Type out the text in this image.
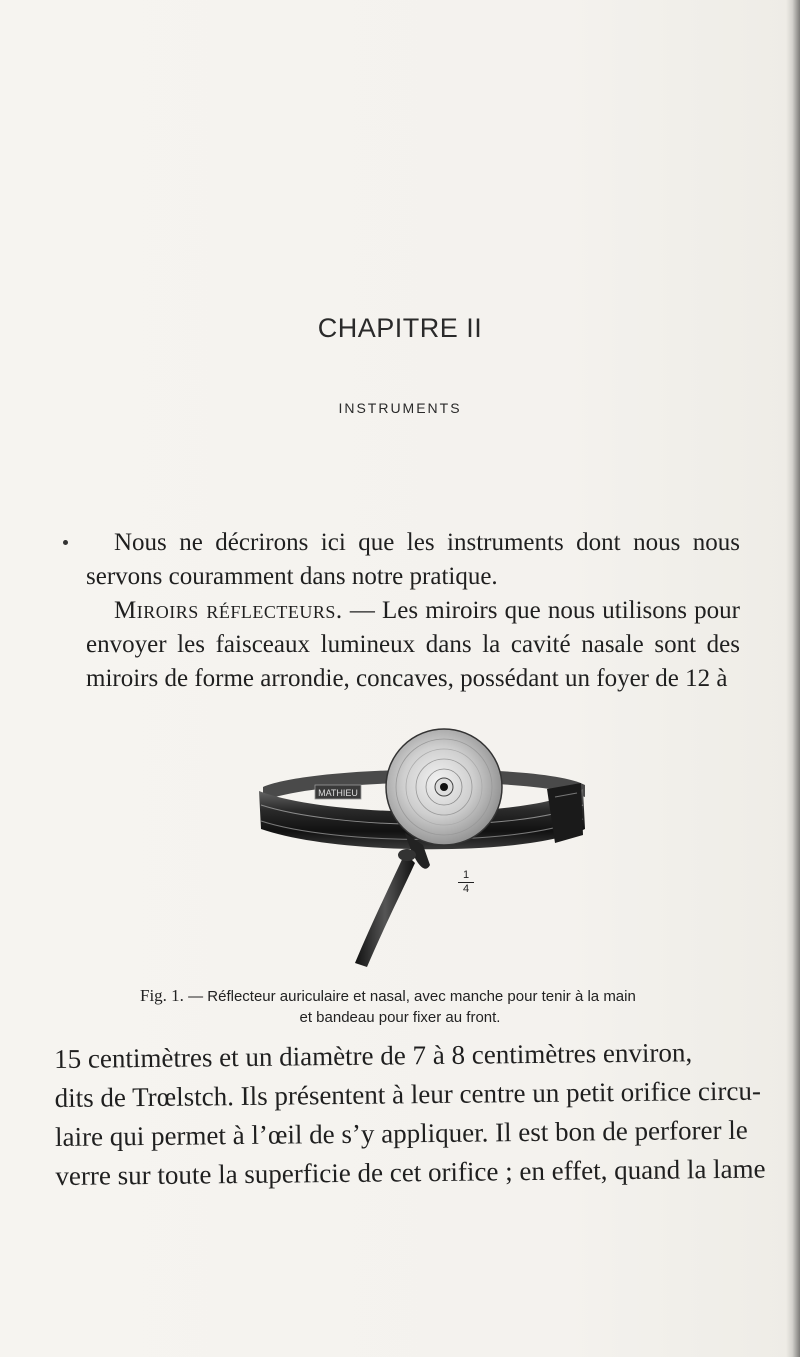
CHAPITRE II
INSTRUMENTS
Nous ne décrirons ici que les instruments dont nous nous servons couramment dans notre pratique.
Miroirs réflecteurs. — Les miroirs que nous utilisons pour envoyer les faisceaux lumineux dans la cavité nasale sont des miroirs de forme arrondie, concaves, possédant un foyer de 12 à
MATHIEU
1
4
Fig. 1. — Réflecteur auriculaire et nasal, avec manche pour tenir à la main
et bandeau pour fixer au front.
15 centimètres et un diamètre de 7 à 8 centimètres environ,
dits de Trœlstch. Ils présentent à leur centre un petit orifice circu-
laire qui permet à l’œil de s’y appliquer. Il est bon de perforer le
verre sur toute la superficie de cet orifice ; en effet, quand la lame
